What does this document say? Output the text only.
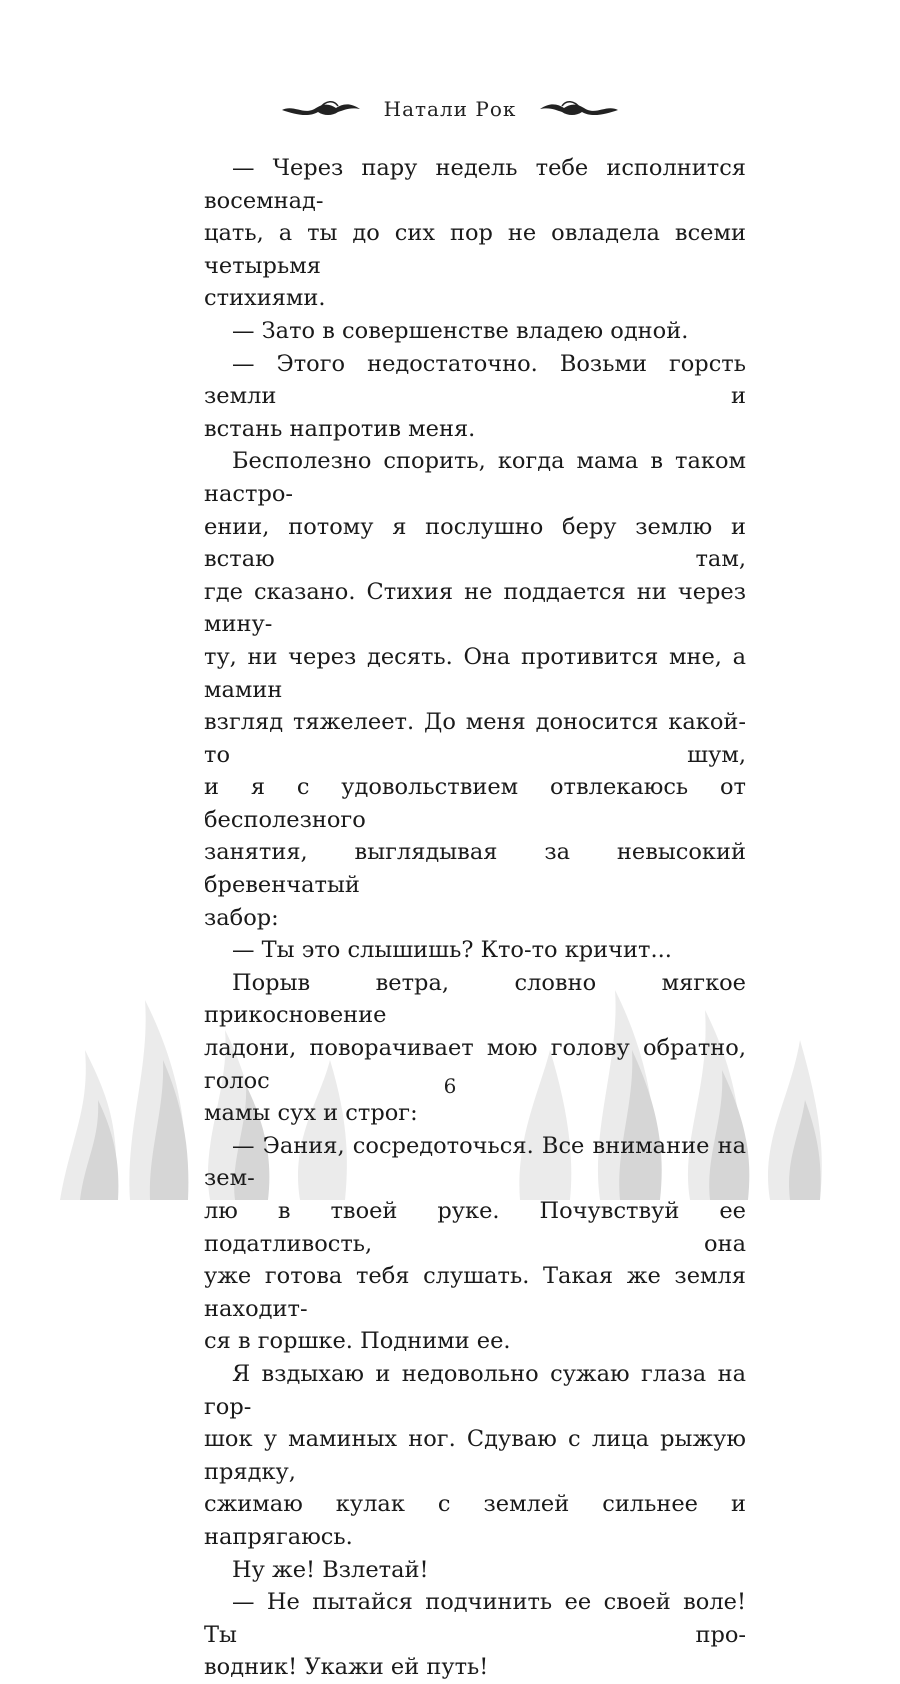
Натали Рок

— Через пару недель тебе исполнится восемнад-
цать, а ты до сих пор не овладела всеми четырьмя
стихиями.

— Зато в совершенстве владею одной.

— Этого недостаточно. Возьми горсть земли и
встань напротив меня.

Бесполезно спорить, когда мама в таком настро-
ении, потому я послушно беру землю и встаю там,
где сказано. Стихия не поддается ни через мину-
ту, ни через десять. Она противится мне, а мамин
взгляд тяжелеет. До меня доносится какой-то шум,
и я с удовольствием отвлекаюсь от бесполезного
занятия, выглядывая за невысокий бревенчатый
забор:

— Ты это слышишь? Кто-то кричит...

Порыв ветра, словно мягкое прикосновение
ладони, поворачивает мою голову обратно, голос
мамы сух и строг:

— Эания, сосредоточься. Все внимание на зем-
лю в твоей руке. Почувствуй ее податливость, она
уже готова тебя слушать. Такая же земля находит-
ся в горшке. Подними ее.

Я вздыхаю и недовольно сужаю глаза на гор-
шок у маминых ног. Сдуваю с лица рыжую прядку,
сжимаю кулак с землей сильнее и напрягаюсь.

Ну же! Взлетай!

— Не пытайся подчинить ее своей воле! Ты про-
водник! Укажи ей путь!

6
